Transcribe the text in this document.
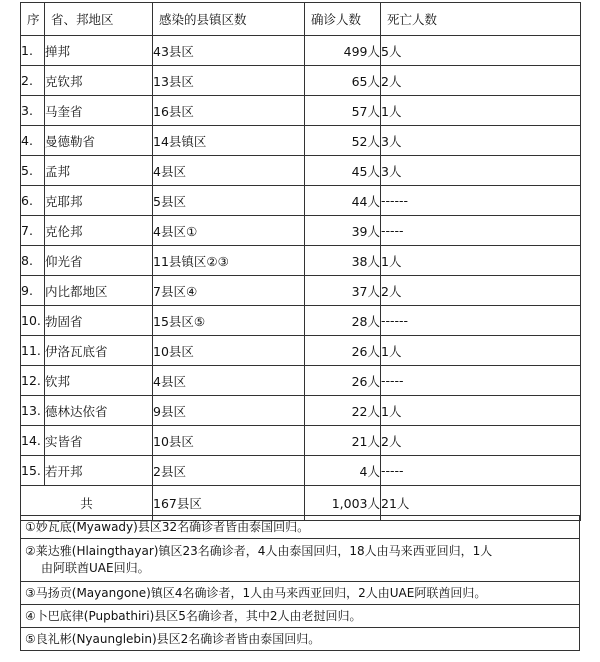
序	省、邦地区	感染的县镇区数	确诊人数	死亡人数
1.	掸邦	43县区	499人	5人
2.	克钦邦	13县区	65人	2人
3.	马奎省	16县区	57人	1人
4.	曼德勒省	14县镇区	52人	3人
5.	孟邦	4县区	45人	3人
6.	克耶邦	5县区	44人	------
7.	克伦邦	4县区①	39人	-----
8.	仰光省	11县镇区②③	38人	1人
9.	内比都地区	7县区④	37人	2人
10.	勃固省	15县区⑤	28人	------
11.	伊洛瓦底省	10县区	26人	1人
12.	钦邦	4县区	26人	-----
13.	德林达依省	9县区	22人	1人
14.	实皆省	10县区	21人	2人
15.	若开邦	2县区	4人	-----
共		167县区	1,003人	21人
①妙瓦底(Myawady)县区32名确诊者皆由泰国回归。
②莱达雅(Hlaingthayar)镇区23名确诊者，4人由泰国回归，18人由马来西亚回归，1人
由阿联酋UAE回归。

③马扬贡(Mayangone)镇区4名确诊者，1人由马来西亚回归，2人由UAE阿联酋回归。
④卜巴底律(Pupbathiri)县区5名确诊者，其中2人由老挝回归。
⑤良礼彬(Nyaunglebin)县区2名确诊者皆由泰国回归。
